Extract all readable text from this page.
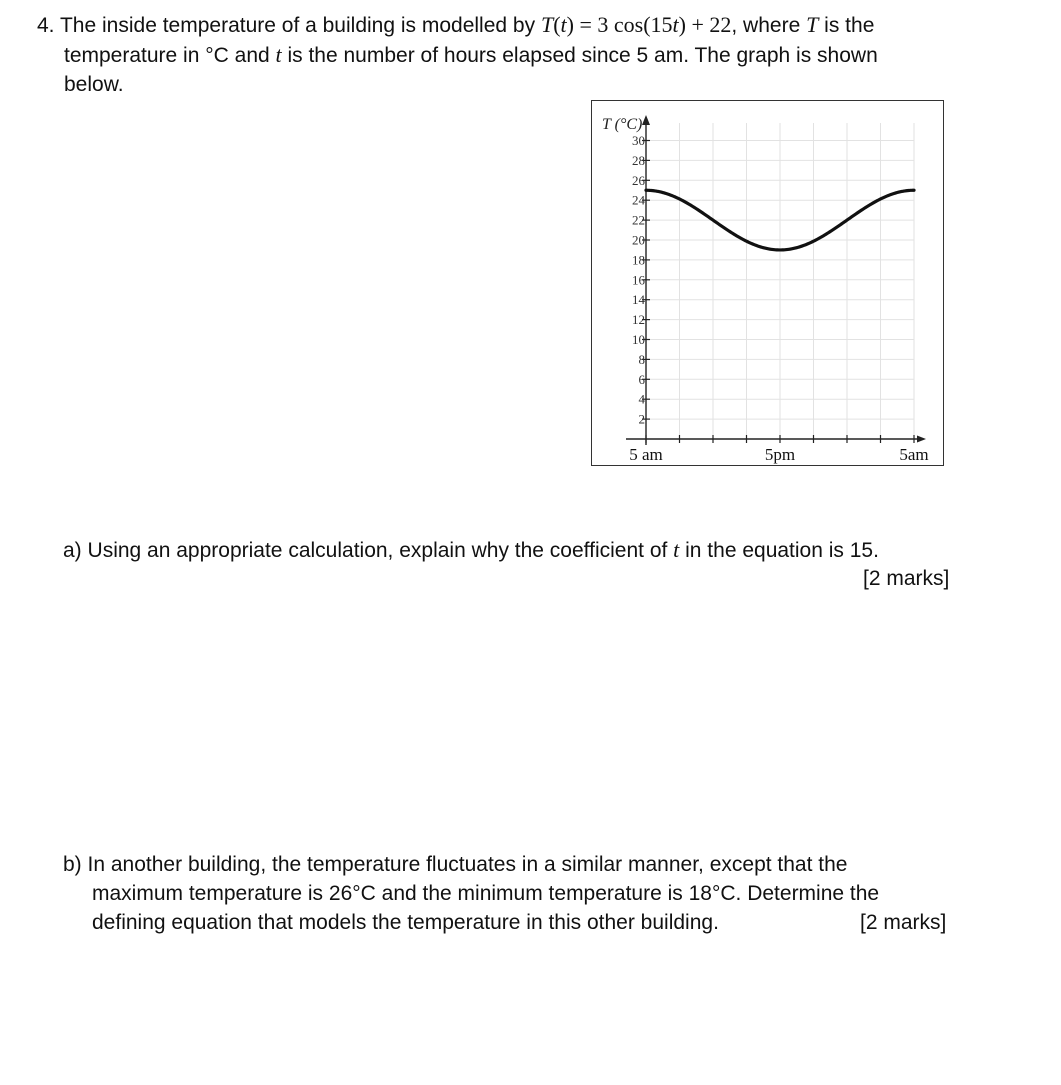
4. The inside temperature of a building is modelled by T(t) = 3 cos(15t) + 22, where T is the
temperature in °C and t is the number of hours elapsed since 5 am. The graph is shown
below.
2
4
6
8
10
12
14
16
18
20
22
24
26
28
30
5 am	5pm	5am
T (°C)
a) Using an appropriate calculation, explain why the coefficient of t in the equation is 15.
[2 marks]
b) In another building, the temperature fluctuates in a similar manner, except that the
maximum temperature is 26°C and the minimum temperature is 18°C. Determine the
defining equation that models the temperature in this other building.	[2 marks]
